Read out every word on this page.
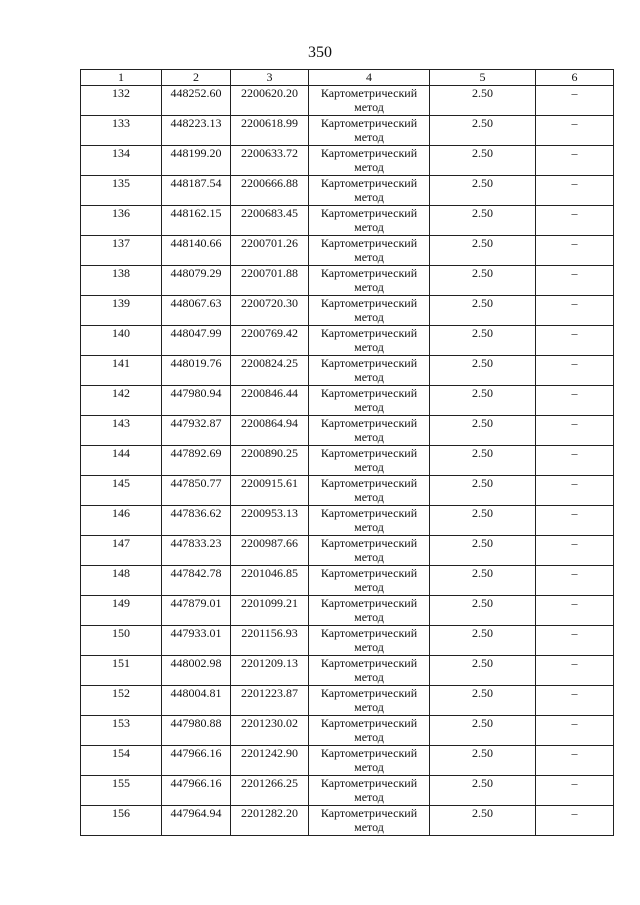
350
1	2	3	4	5	6
132	448252.60	2200620.20	Картометрический метод	2.50	–
133	448223.13	2200618.99	Картометрический метод	2.50	–
134	448199.20	2200633.72	Картометрический метод	2.50	–
135	448187.54	2200666.88	Картометрический метод	2.50	–
136	448162.15	2200683.45	Картометрический метод	2.50	–
137	448140.66	2200701.26	Картометрический метод	2.50	–
138	448079.29	2200701.88	Картометрический метод	2.50	–
139	448067.63	2200720.30	Картометрический метод	2.50	–
140	448047.99	2200769.42	Картометрический метод	2.50	–
141	448019.76	2200824.25	Картометрический метод	2.50	–
142	447980.94	2200846.44	Картометрический метод	2.50	–
143	447932.87	2200864.94	Картометрический метод	2.50	–
144	447892.69	2200890.25	Картометрический метод	2.50	–
145	447850.77	2200915.61	Картометрический метод	2.50	–
146	447836.62	2200953.13	Картометрический метод	2.50	–
147	447833.23	2200987.66	Картометрический метод	2.50	–
148	447842.78	2201046.85	Картометрический метод	2.50	–
149	447879.01	2201099.21	Картометрический метод	2.50	–
150	447933.01	2201156.93	Картометрический метод	2.50	–
151	448002.98	2201209.13	Картометрический метод	2.50	–
152	448004.81	2201223.87	Картометрический метод	2.50	–
153	447980.88	2201230.02	Картометрический метод	2.50	–
154	447966.16	2201242.90	Картометрический метод	2.50	–
155	447966.16	2201266.25	Картометрический метод	2.50	–
156	447964.94	2201282.20	Картометрический метод	2.50	–
